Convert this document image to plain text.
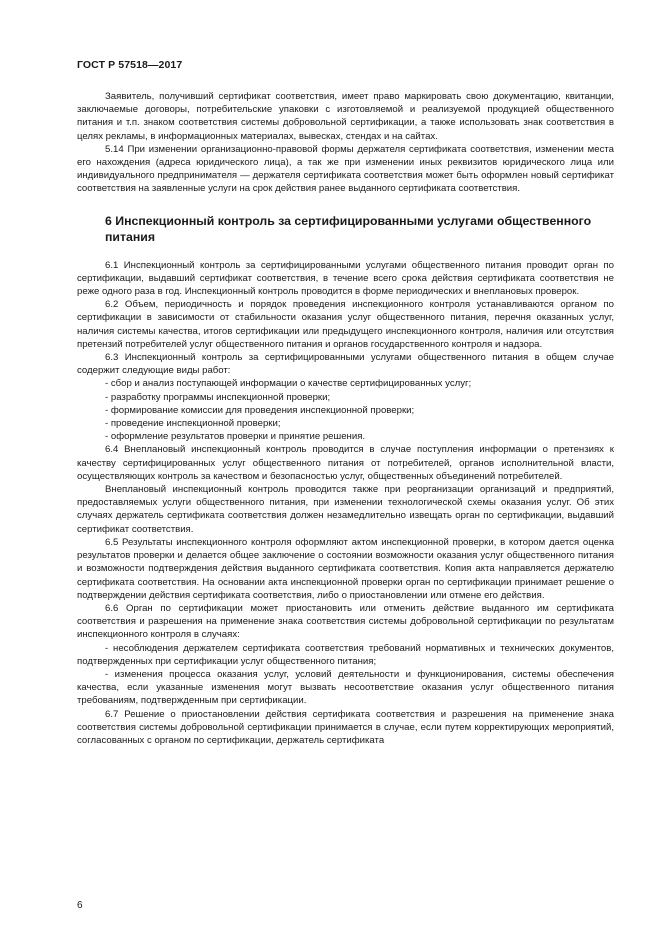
ГОСТ Р 57518—2017

Заявитель, получивший сертификат соответствия, имеет право маркировать свою документацию, квитанции, заключаемые договоры, потребительские упаковки с изготовляемой и реализуемой продукцией общественного питания и т.п. знаком соответствия системы добровольной сертификации, а также использовать знак соответствия в целях рекламы, в информационных материалах, вывесках, стендах и на сайтах.

5.14 При изменении организационно-правовой формы держателя сертификата соответствия, изменении места его нахождения (адреса юридического лица), а так же при изменении иных реквизитов юридического лица или индивидуального предпринимателя — держателя сертификата соответствия может быть оформлен новый сертификат соответствия на заявленные услуги на срок действия ранее выданного сертификата соответствия.

6 Инспекционный контроль за сертифицированными услугами общественного питания

6.1 Инспекционный контроль за сертифицированными услугами общественного питания проводит орган по сертификации, выдавший сертификат соответствия, в течение всего срока действия сертификата соответствия не реже одного раза в год. Инспекционный контроль проводится в форме периодических и внеплановых проверок.

6.2 Объем, периодичность и порядок проведения инспекционного контроля устанавливаются органом по сертификации в зависимости от стабильности оказания услуг общественного питания, перечня оказанных услуг, наличия системы качества, итогов сертификации или предыдущего инспекционного контроля, наличия или отсутствия претензий потребителей услуг общественного питания и органов государственного контроля и надзора.

6.3 Инспекционный контроль за сертифицированными услугами общественного питания в общем случае содержит следующие виды работ:

- сбор и анализ поступающей информации о качестве сертифицированных услуг;

- разработку программы инспекционной проверки;

- формирование комиссии для проведения инспекционной проверки;

- проведение инспекционной проверки;

- оформление результатов проверки и принятие решения.

6.4 Внеплановый инспекционный контроль проводится в случае поступления информации о претензиях к качеству сертифицированных услуг общественного питания от потребителей, органов исполнительной власти, осуществляющих контроль за качеством и безопасностью услуг, общественных объединений потребителей.

Внеплановый инспекционный контроль проводится также при реорганизации организаций и предприятий, предоставляемых услуги общественного питания, при изменении технологической схемы оказания услуг. Об этих случаях держатель сертификата соответствия должен незамедлительно извещать орган по сертификации, выдавший сертификат соответствия.

6.5 Результаты инспекционного контроля оформляют актом инспекционной проверки, в котором дается оценка результатов проверки и делается общее заключение о состоянии возможности оказания услуг общественного питания и возможности подтверждения действия выданного сертификата соответствия. Копия акта направляется держателю сертификата соответствия. На основании акта инспекционной проверки орган по сертификации принимает решение о подтверждении действия сертификата соответствия, либо о приостановлении или отмене его действия.

6.6 Орган по сертификации может приостановить или отменить действие выданного им сертификата соответствия и разрешения на применение знака соответствия системы добровольной сертификации по результатам инспекционного контроля в случаях:

- несоблюдения держателем сертификата соответствия требований нормативных и технических документов, подтвержденных при сертификации услуг общественного питания;

- изменения процесса оказания услуг, условий деятельности и функционирования, системы обеспечения качества, если указанные изменения могут вызвать несоответствие оказания услуг общественного питания требованиям, подтвержденным при сертификации.

6.7 Решение о приостановлении действия сертификата соответствия и разрешения на применение знака соответствия системы добровольной сертификации принимается в случае, если путем корректирующих мероприятий, согласованных с органом по сертификации, держатель сертификата

6
